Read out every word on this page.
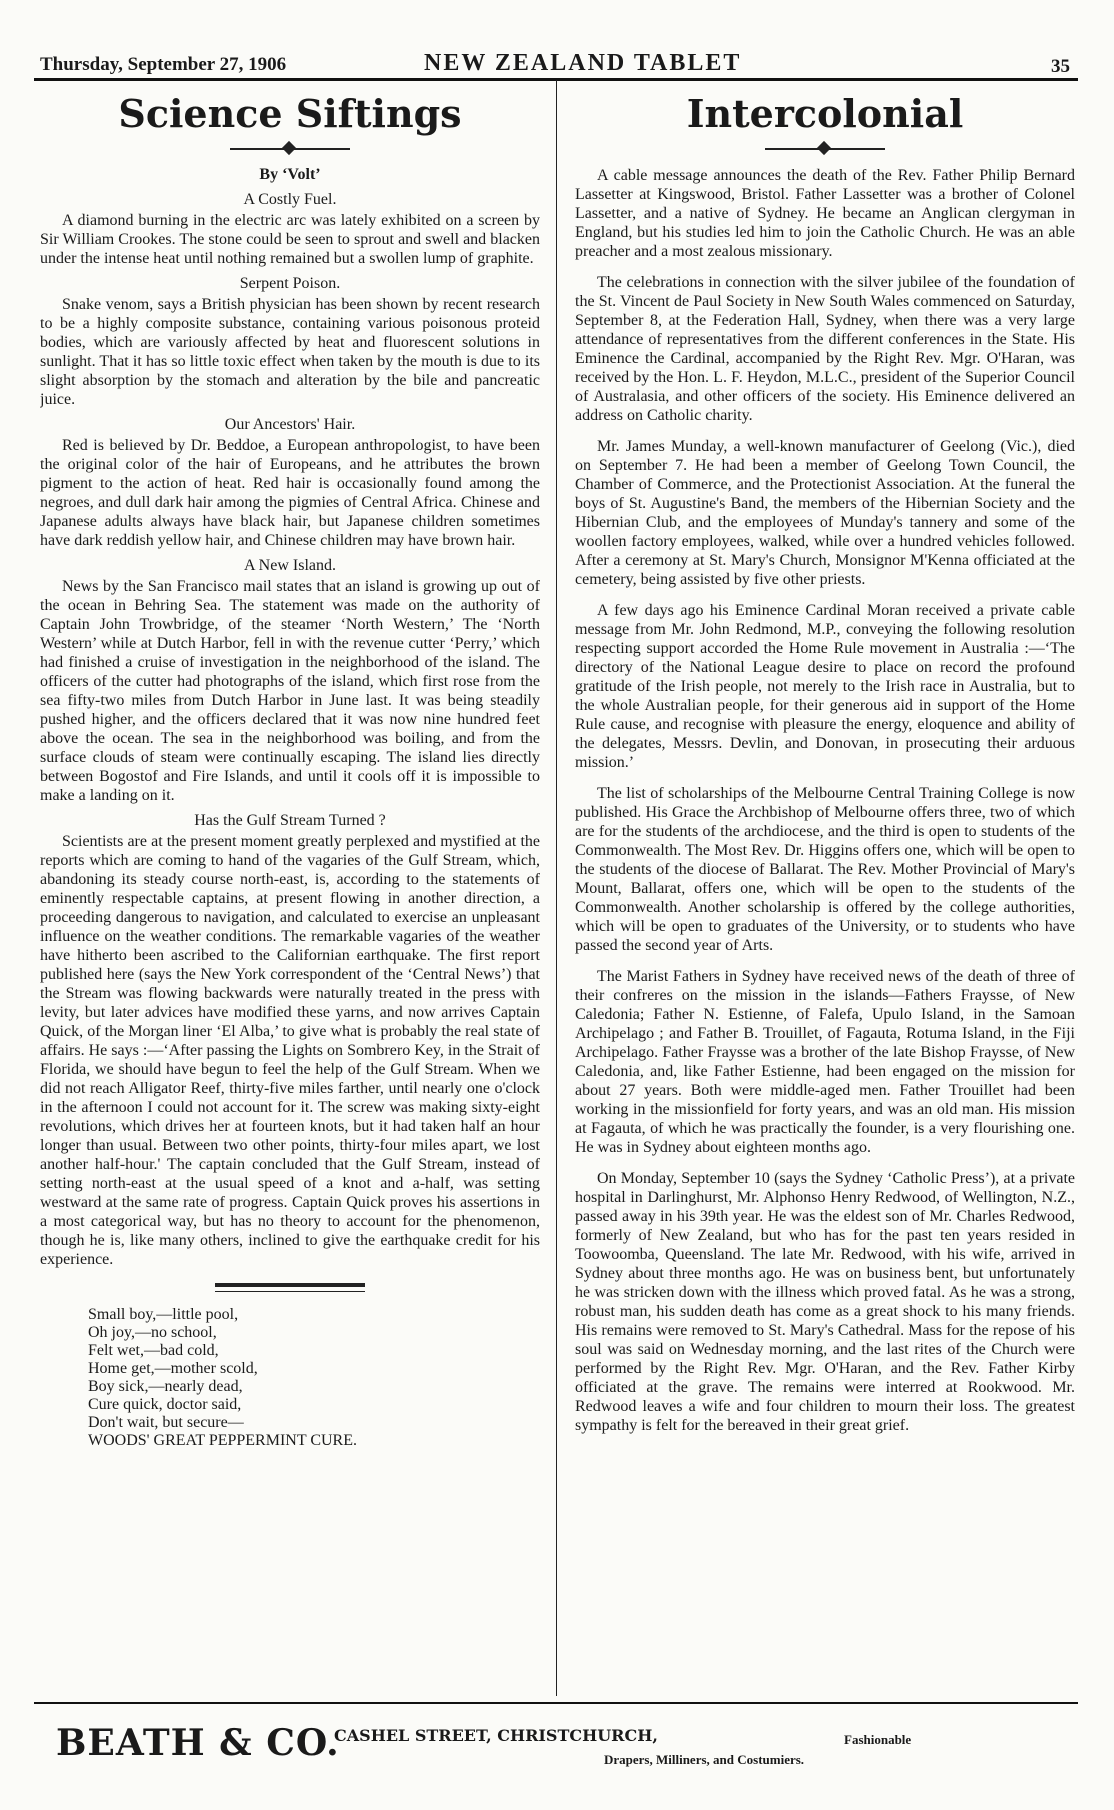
Thursday, September 27, 1906	NEW ZEALAND TABLET	35
Science Siftings
By ‘Volt’
A Costly Fuel.

A diamond burning in the electric arc was lately exhibited on a screen by Sir William Crookes. The stone could be seen to sprout and swell and blacken under the intense heat until nothing remained but a swollen lump of graphite.

Serpent Poison.

Snake venom, says a British physician has been shown by recent research to be a highly composite substance, containing various poisonous proteid bodies, which are variously affected by heat and fluorescent solutions in sunlight. That it has so little toxic effect when taken by the mouth is due to its slight absorption by the stomach and alteration by the bile and pancreatic juice.

Our Ancestors' Hair.

Red is believed by Dr. Beddoe, a European anthropologist, to have been the original color of the hair of Europeans, and he attributes the brown pigment to the action of heat. Red hair is occasionally found among the negroes, and dull dark hair among the pigmies of Central Africa. Chinese and Japanese adults always have black hair, but Japanese children sometimes have dark reddish yellow hair, and Chinese children may have brown hair.

A New Island.

News by the San Francisco mail states that an island is growing up out of the ocean in Behring Sea. The statement was made on the authority of Captain John Trowbridge, of the steamer ‘North Western,’ The ‘North Western’ while at Dutch Harbor, fell in with the revenue cutter ‘Perry,’ which had finished a cruise of investigation in the neighborhood of the island. The officers of the cutter had photographs of the island, which first rose from the sea fifty-two miles from Dutch Harbor in June last. It was being steadily pushed higher, and the officers declared that it was now nine hundred feet above the ocean. The sea in the neighborhood was boiling, and from the surface clouds of steam were continually escaping. The island lies directly between Bogostof and Fire Islands, and until it cools off it is impossible to make a landing on it.

Has the Gulf Stream Turned ?

Scientists are at the present moment greatly perplexed and mystified at the reports which are coming to hand of the vagaries of the Gulf Stream, which, abandoning its steady course north-east, is, according to the statements of eminently respectable captains, at present flowing in another direction, a proceeding dangerous to navigation, and calculated to exercise an unpleasant influence on the weather conditions. The remarkable vagaries of the weather have hitherto been ascribed to the Californian earthquake. The first report published here (says the New York correspondent of the ‘Central News’) that the Stream was flowing backwards were naturally treated in the press with levity, but later advices have modified these yarns, and now arrives Captain Quick, of the Morgan liner ‘El Alba,’ to give what is probably the real state of affairs. He says :—‘After passing the Lights on Sombrero Key, in the Strait of Florida, we should have begun to feel the help of the Gulf Stream. When we did not reach Alligator Reef, thirty-five miles farther, until nearly one o'clock in the afternoon I could not account for it. The screw was making sixty-eight revolutions, which drives her at fourteen knots, but it had taken half an hour longer than usual. Between two other points, thirty-four miles apart, we lost another half-hour.' The captain concluded that the Gulf Stream, instead of setting north-east at the usual speed of a knot and a-half, was setting westward at the same rate of progress. Captain Quick proves his assertions in a most categorical way, but has no theory to account for the phenomenon, though he is, like many others, inclined to give the earthquake credit for his experience.

Small boy,—little pool,
Oh joy,—no school,
Felt wet,—bad cold,
Home get,—mother scold,
Boy sick,—nearly dead,
Cure quick, doctor said,
Don't wait, but secure—
WOODS' GREAT PEPPERMINT CURE.
Intercolonial

A cable message announces the death of the Rev. Father Philip Bernard Lassetter at Kingswood, Bristol. Father Lassetter was a brother of Colonel Lassetter, and a native of Sydney. He became an Anglican clergyman in England, but his studies led him to join the Catholic Church. He was an able preacher and a most zealous missionary.

The celebrations in connection with the silver jubilee of the foundation of the St. Vincent de Paul Society in New South Wales commenced on Saturday, September 8, at the Federation Hall, Sydney, when there was a very large attendance of representatives from the different conferences in the State. His Eminence the Cardinal, accompanied by the Right Rev. Mgr. O'Haran, was received by the Hon. L. F. Heydon, M.L.C., president of the Superior Council of Australasia, and other officers of the society. His Eminence delivered an address on Catholic charity.

Mr. James Munday, a well-known manufacturer of Geelong (Vic.), died on September 7. He had been a member of Geelong Town Council, the Chamber of Commerce, and the Protectionist Association. At the funeral the boys of St. Augustine's Band, the members of the Hibernian Society and the Hibernian Club, and the employees of Munday's tannery and some of the woollen factory employees, walked, while over a hundred vehicles followed. After a ceremony at St. Mary's Church, Monsignor M'Kenna officiated at the cemetery, being assisted by five other priests.

A few days ago his Eminence Cardinal Moran received a private cable message from Mr. John Redmond, M.P., conveying the following resolution respecting support accorded the Home Rule movement in Australia :—‘The directory of the National League desire to place on record the profound gratitude of the Irish people, not merely to the Irish race in Australia, but to the whole Australian people, for their generous aid in support of the Home Rule cause, and recognise with pleasure the energy, eloquence and ability of the delegates, Messrs. Devlin, and Donovan, in prosecuting their arduous mission.’

The list of scholarships of the Melbourne Central Training College is now published. His Grace the Archbishop of Melbourne offers three, two of which are for the students of the archdiocese, and the third is open to students of the Commonwealth. The Most Rev. Dr. Higgins offers one, which will be open to the students of the diocese of Ballarat. The Rev. Mother Provincial of Mary's Mount, Ballarat, offers one, which will be open to the students of the Commonwealth. Another scholarship is offered by the college authorities, which will be open to graduates of the University, or to students who have passed the second year of Arts.

The Marist Fathers in Sydney have received news of the death of three of their confreres on the mission in the islands—Fathers Fraysse, of New Caledonia; Father N. Estienne, of Falefa, Upulo Island, in the Samoan Archipelago ; and Father B. Trouillet, of Fagauta, Rotuma Island, in the Fiji Archipelago. Father Fraysse was a brother of the late Bishop Fraysse, of New Caledonia, and, like Father Estienne, had been engaged on the mission for about 27 years. Both were middle-aged men. Father Trouillet had been working in the missionfield for forty years, and was an old man. His mission at Fagauta, of which he was practically the founder, is a very flourishing one. He was in Sydney about eighteen months ago.

On Monday, September 10 (says the Sydney ‘Catholic Press’), at a private hospital in Darlinghurst, Mr. Alphonso Henry Redwood, of Wellington, N.Z., passed away in his 39th year. He was the eldest son of Mr. Charles Redwood, formerly of New Zealand, but who has for the past ten years resided in Toowoomba, Queensland. The late Mr. Redwood, with his wife, arrived in Sydney about three months ago. He was on business bent, but unfortunately he was stricken down with the illness which proved fatal. As he was a strong, robust man, his sudden death has come as a great shock to his many friends. His remains were removed to St. Mary's Cathedral. Mass for the repose of his soul was said on Wednesday morning, and the last rites of the Church were performed by the Right Rev. Mgr. O'Haran, and the Rev. Father Kirby officiated at the grave. The remains were interred at Rookwood. Mr. Redwood leaves a wife and four children to mourn their loss. The greatest sympathy is felt for the bereaved in their great grief.

BEATH & CO.
CASHEL STREET, CHRISTCHURCH,	Fashionable
Drapers, Milliners, and Costumiers.
